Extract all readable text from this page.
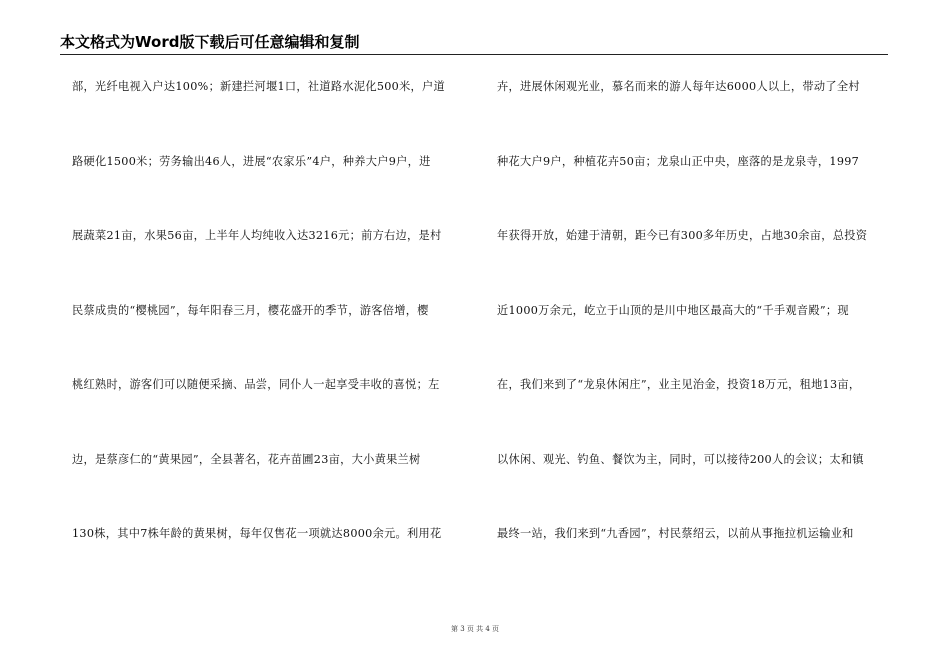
本文格式为Word版下载后可任意编辑和复制
部，光纤电视入户达100%；新建拦河堰1口，社道路水泥化500米，户道
路硬化1500米；劳务输出46人，进展“农家乐”4户，种养大户9户，进
展蔬菜21亩，水果56亩，上半年人均纯收入达3216元；前方右边，是村
民蔡成贵的“樱桃园”，每年阳春三月，樱花盛开的季节，游客倍增，樱
桃红熟时，游客们可以随便采摘、品尝，同仆人一起享受丰收的喜悦；左
边，是蔡彦仁的“黄果园”，全县著名，花卉苗圃23亩，大小黄果兰树
130株，其中7株年龄的黄果树，每年仅售花一项就达8000余元。利用花
卉，进展休闲观光业，慕名而来的游人每年达6000人以上，带动了全村
种花大户9户，种植花卉50亩；龙泉山正中央，座落的是龙泉寺，1997
年获得开放，始建于清朝，距今已有300多年历史，占地30余亩，总投资
近1000万余元，屹立于山顶的是川中地区最高大的“千手观音殿”；现
在，我们来到了“龙泉休闲庄”，业主见治金，投资18万元，租地13亩，
以休闲、观光、钓鱼、餐饮为主，同时，可以接待200人的会议；太和镇
最终一站，我们来到“九香园”，村民蔡绍云，以前从事拖拉机运输业和
第 3 页 共 4 页
